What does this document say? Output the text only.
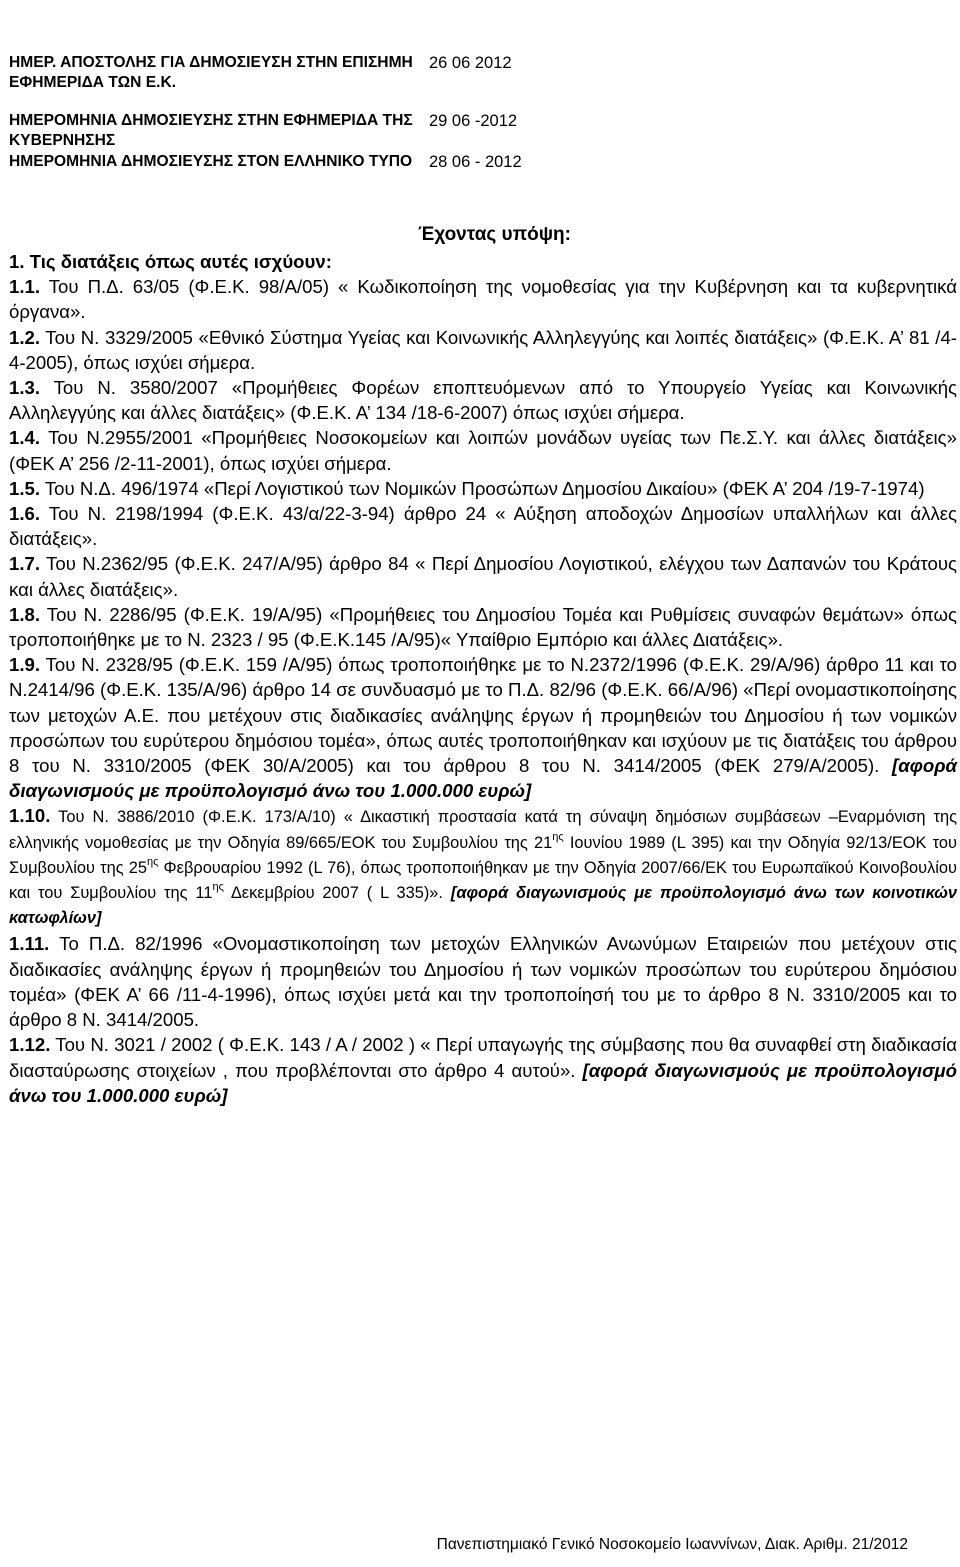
ΗΜΕΡ. ΑΠΟΣΤΟΛΗΣ ΓΙΑ ΔΗΜΟΣΙΕΥΣΗ ΣΤΗΝ ΕΠΙΣΗΜΗ ΕΦΗΜΕΡΙΔΑ ΤΩΝ Ε.Κ.
26 06 2012
ΗΜΕΡΟΜΗΝΙΑ ΔΗΜΟΣΙΕΥΣΗΣ ΣΤΗΝ ΕΦΗΜΕΡΙΔΑ ΤΗΣ ΚΥΒΕΡΝΗΣΗΣ
29 06 -2012
ΗΜΕΡΟΜΗΝΙΑ ΔΗΜΟΣΙΕΥΣΗΣ ΣΤΟΝ ΕΛΛΗΝΙΚΟ ΤΥΠΟ	28 06 - 2012
Έχοντας υπόψη:

1. Τις διατάξεις όπως αυτές ισχύουν:

1.1. Του Π.Δ. 63/05 (Φ.Ε.Κ. 98/Α/05) « Κωδικοποίηση της νομοθεσίας για την Κυβέρνηση και τα κυβερνητικά όργανα».

1.2. Του Ν. 3329/2005 «Εθνικό Σύστημα Υγείας και Κοινωνικής Αλληλεγγύης και λοιπές διατάξεις» (Φ.Ε.Κ. Α’ 81 /4-4-2005), όπως ισχύει σήμερα.

1.3. Του Ν. 3580/2007 «Προμήθειες Φορέων εποπτευόμενων από το Υπουργείο Υγείας και Κοινωνικής Αλληλεγγύης και άλλες διατάξεις» (Φ.Ε.Κ. Α’ 134 /18-6-2007) όπως ισχύει σήμερα.

1.4. Του Ν.2955/2001 «Προμήθειες Νοσοκομείων και λοιπών μονάδων υγείας των Πε.Σ.Υ. και άλλες διατάξεις» (ΦΕΚ Α’ 256 /2-11-2001), όπως ισχύει σήμερα.

1.5. Του Ν.Δ. 496/1974 «Περί Λογιστικού των Νομικών Προσώπων Δημοσίου Δικαίου» (ΦΕΚ Α’ 204 /19-7-1974)

1.6. Του Ν. 2198/1994 (Φ.Ε.Κ. 43/α/22-3-94) άρθρο 24 « Αύξηση αποδοχών Δημοσίων υπαλλήλων και άλλες διατάξεις».

1.7. Του Ν.2362/95 (Φ.Ε.Κ. 247/Α/95) άρθρο 84 « Περί Δημοσίου Λογιστικού, ελέγχου των Δαπανών του Κράτους και άλλες διατάξεις».

1.8. Του Ν. 2286/95 (Φ.Ε.Κ. 19/Α/95) «Προμήθειες του Δημοσίου Τομέα και Ρυθμίσεις συναφών θεμάτων» όπως τροποποιήθηκε με το Ν. 2323 / 95 (Φ.Ε.Κ.145 /Α/95)« Υπαίθριο Εμπόριο και άλλες Διατάξεις».

1.9. Του Ν. 2328/95 (Φ.Ε.Κ. 159 /Α/95) όπως τροποποιήθηκε με το Ν.2372/1996 (Φ.Ε.Κ. 29/Α/96) άρθρο 11 και το Ν.2414/96 (Φ.Ε.Κ. 135/Α/96) άρθρο 14 σε συνδυασμό με το Π.Δ. 82/96 (Φ.Ε.Κ. 66/Α/96) «Περί ονομαστικοποίησης των μετοχών Α.Ε. που μετέχουν στις διαδικασίες ανάληψης έργων ή προμηθειών του Δημοσίου ή των νομικών προσώπων του ευρύτερου δημόσιου τομέα», όπως αυτές τροποποιήθηκαν και ισχύουν με τις διατάξεις του άρθρου 8 του Ν. 3310/2005 (ΦΕΚ 30/Α/2005) και του άρθρου 8 του Ν. 3414/2005 (ΦΕΚ 279/Α/2005). [αφορά διαγωνισμούς με προϋπολογισμό άνω του 1.000.000 ευρώ]

1.10. Του Ν. 3886/2010 (Φ.Ε.Κ. 173/Α/10) « Δικαστική προστασία κατά τη σύναψη δημόσιων συμβάσεων –Εναρμόνιση της ελληνικής νομοθεσίας με την Οδηγία 89/665/ΕΟΚ του Συμβουλίου της $21^{\eta\varsigma}$ Ιουνίου 1989 (L 395) και την Οδηγία 92/13/ΕΟΚ του Συμβουλίου της $25^{\eta\varsigma}$ Φεβρουαρίου 1992 (L 76), όπως τροποποιήθηκαν με την Οδηγία 2007/66/ΕΚ του Ευρωπαϊκού Κοινοβουλίου και του Συμβουλίου της $11^{\eta\varsigma}$ Δεκεμβρίου 2007 ( L 335)». [αφορά διαγωνισμούς με προϋπολογισμό άνω των κοινοτικών κατωφλίων]

1.11. Το Π.Δ. 82/1996 «Ονομαστικοποίηση των μετοχών Ελληνικών Ανωνύμων Εταιρειών που μετέχουν στις διαδικασίες ανάληψης έργων ή προμηθειών του Δημοσίου ή των νομικών προσώπων του ευρύτερου δημόσιου τομέα» (ΦΕΚ Α’ 66 /11-4-1996), όπως ισχύει μετά και την τροποποίησή του με το άρθρο 8 Ν. 3310/2005 και το άρθρο 8 Ν. 3414/2005.

1.12. Του Ν. 3021 / 2002 ( Φ.Ε.Κ. 143 / Α / 2002 ) « Περί υπαγωγής της σύμβασης που θα συναφθεί στη διαδικασία διασταύρωσης στοιχείων , που προβλέπονται στο άρθρο 4 αυτού». [αφορά διαγωνισμούς με προϋπολογισμό άνω του 1.000.000 ευρώ]

Πανεπιστημιακό Γενικό Νοσοκομείο Ιωαννίνων, Διακ. Αριθμ. 21/2012
